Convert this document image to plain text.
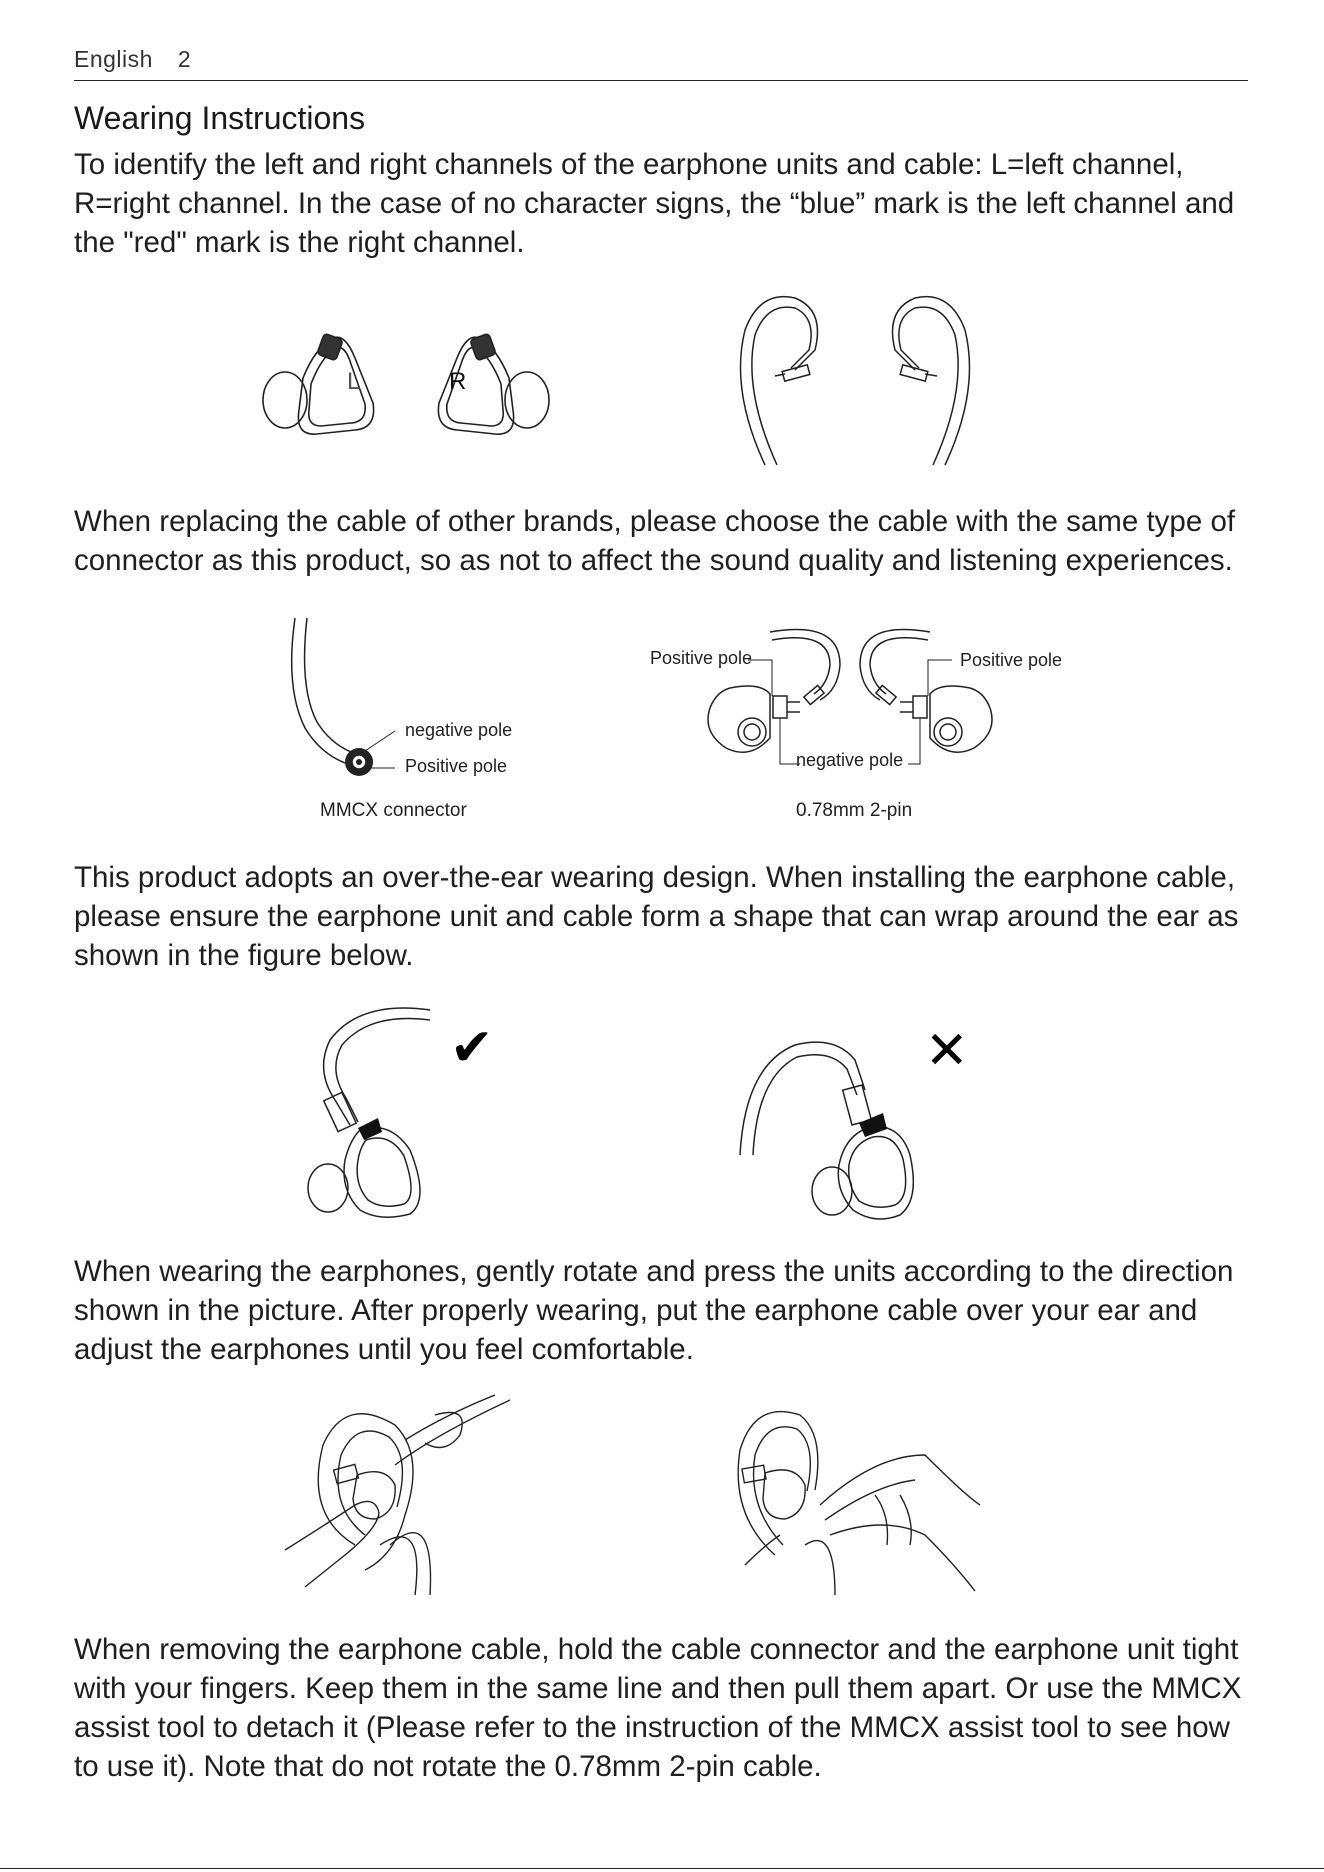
English 2
Wearing Instructions

To identify the left and right channels of the earphone units and cable: L=left channel, R=right channel. In the case of no character signs, the “blue” mark is the left channel and the "red" mark is the right channel.

L	R

When replacing the cable of other brands, please choose the cable with the same type of connector as this product, so as not to affect the sound quality and listening experiences.

negative pole
Positive pole
MMCX connector
Positive pole	Positive pole
negative pole
0.78mm 2-pin

This product adopts an over-the-ear wearing design. When installing the earphone cable, please ensure the earphone unit and cable form a shape that can wrap around the ear as shown in the figure below.

✔	✕

When wearing the earphones, gently rotate and press the units according to the direction shown in the picture. After properly wearing, put the earphone cable over your ear and adjust the earphones until you feel comfortable.

When removing the earphone cable, hold the cable connector and the earphone unit tight with your fingers. Keep them in the same line and then pull them apart. Or use the MMCX assist tool to detach it (Please refer to the instruction of the MMCX assist tool to see how to use it). Note that do not rotate the 0.78mm 2-pin cable.
